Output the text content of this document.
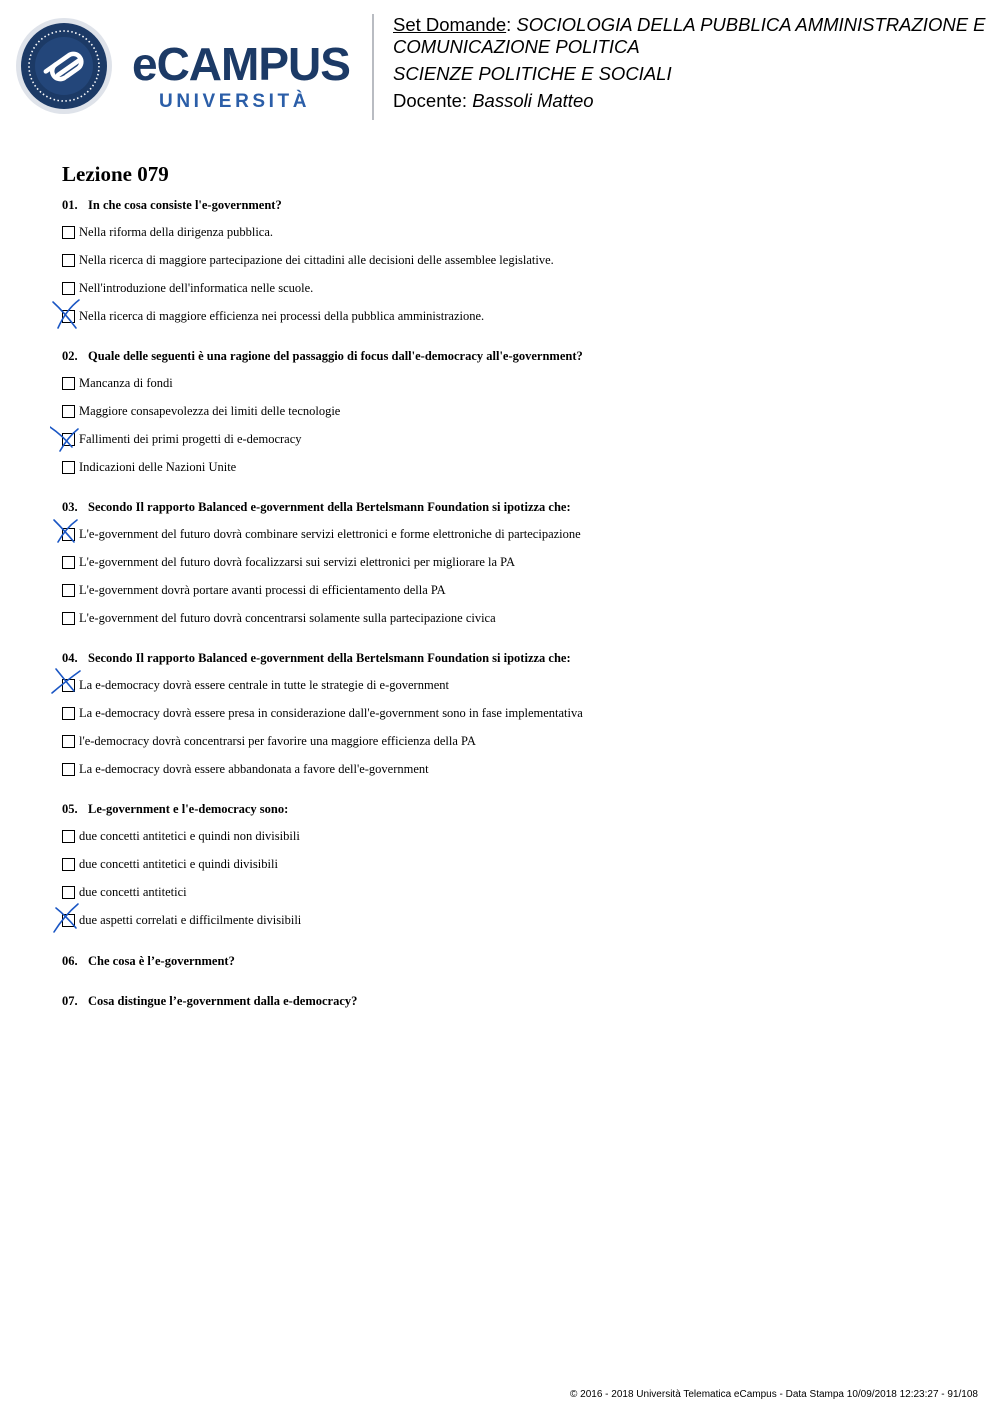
eCAMPUS
UNIVERSITÀ
Set Domande: SOCIOLOGIA DELLA PUBBLICA AMMINISTRAZIONE E
COMUNICAZIONE POLITICA
SCIENZE POLITICHE E SOCIALI
Docente: Bassoli Matteo
Lezione 079
01. In che cosa consiste l'e-government?
Nella riforma della dirigenza pubblica.
Nella ricerca di maggiore partecipazione dei cittadini alle decisioni delle assemblee legislative.
Nell'introduzione dell'informatica nelle scuole.
Nella ricerca di maggiore efficienza nei processi della pubblica amministrazione.
02. Quale delle seguenti è una ragione del passaggio di focus dall'e-democracy all'e-government?
Mancanza di fondi
Maggiore consapevolezza dei limiti delle tecnologie
Fallimenti dei primi progetti di e-democracy
Indicazioni delle Nazioni Unite
03. Secondo Il rapporto Balanced e-government della Bertelsmann Foundation si ipotizza che:
L'e-government del futuro dovrà combinare servizi elettronici e forme elettroniche di partecipazione
L'e-government del futuro dovrà focalizzarsi sui servizi elettronici per migliorare la PA
L'e-government dovrà portare avanti processi di efficientamento della PA
L'e-government del futuro dovrà concentrarsi solamente sulla partecipazione civica
04. Secondo Il rapporto Balanced e-government della Bertelsmann Foundation si ipotizza che:
La e-democracy dovrà essere centrale in tutte le strategie di e-government
La e-democracy dovrà essere presa in considerazione dall'e-government sono in fase implementativa
l'e-democracy dovrà concentrarsi per favorire una maggiore efficienza della PA
La e-democracy dovrà essere abbandonata a favore dell'e-government
05. Le-government e l'e-democracy sono:
due concetti antitetici e quindi non divisibili
due concetti antitetici e quindi divisibili
due concetti antitetici
due aspetti correlati e difficilmente divisibili
06. Che cosa è l’e-government?
07. Cosa distingue l’e-government dalla e-democracy?
© 2016 - 2018 Università Telematica eCampus - Data Stampa 10/09/2018 12:23:27 - 91/108
